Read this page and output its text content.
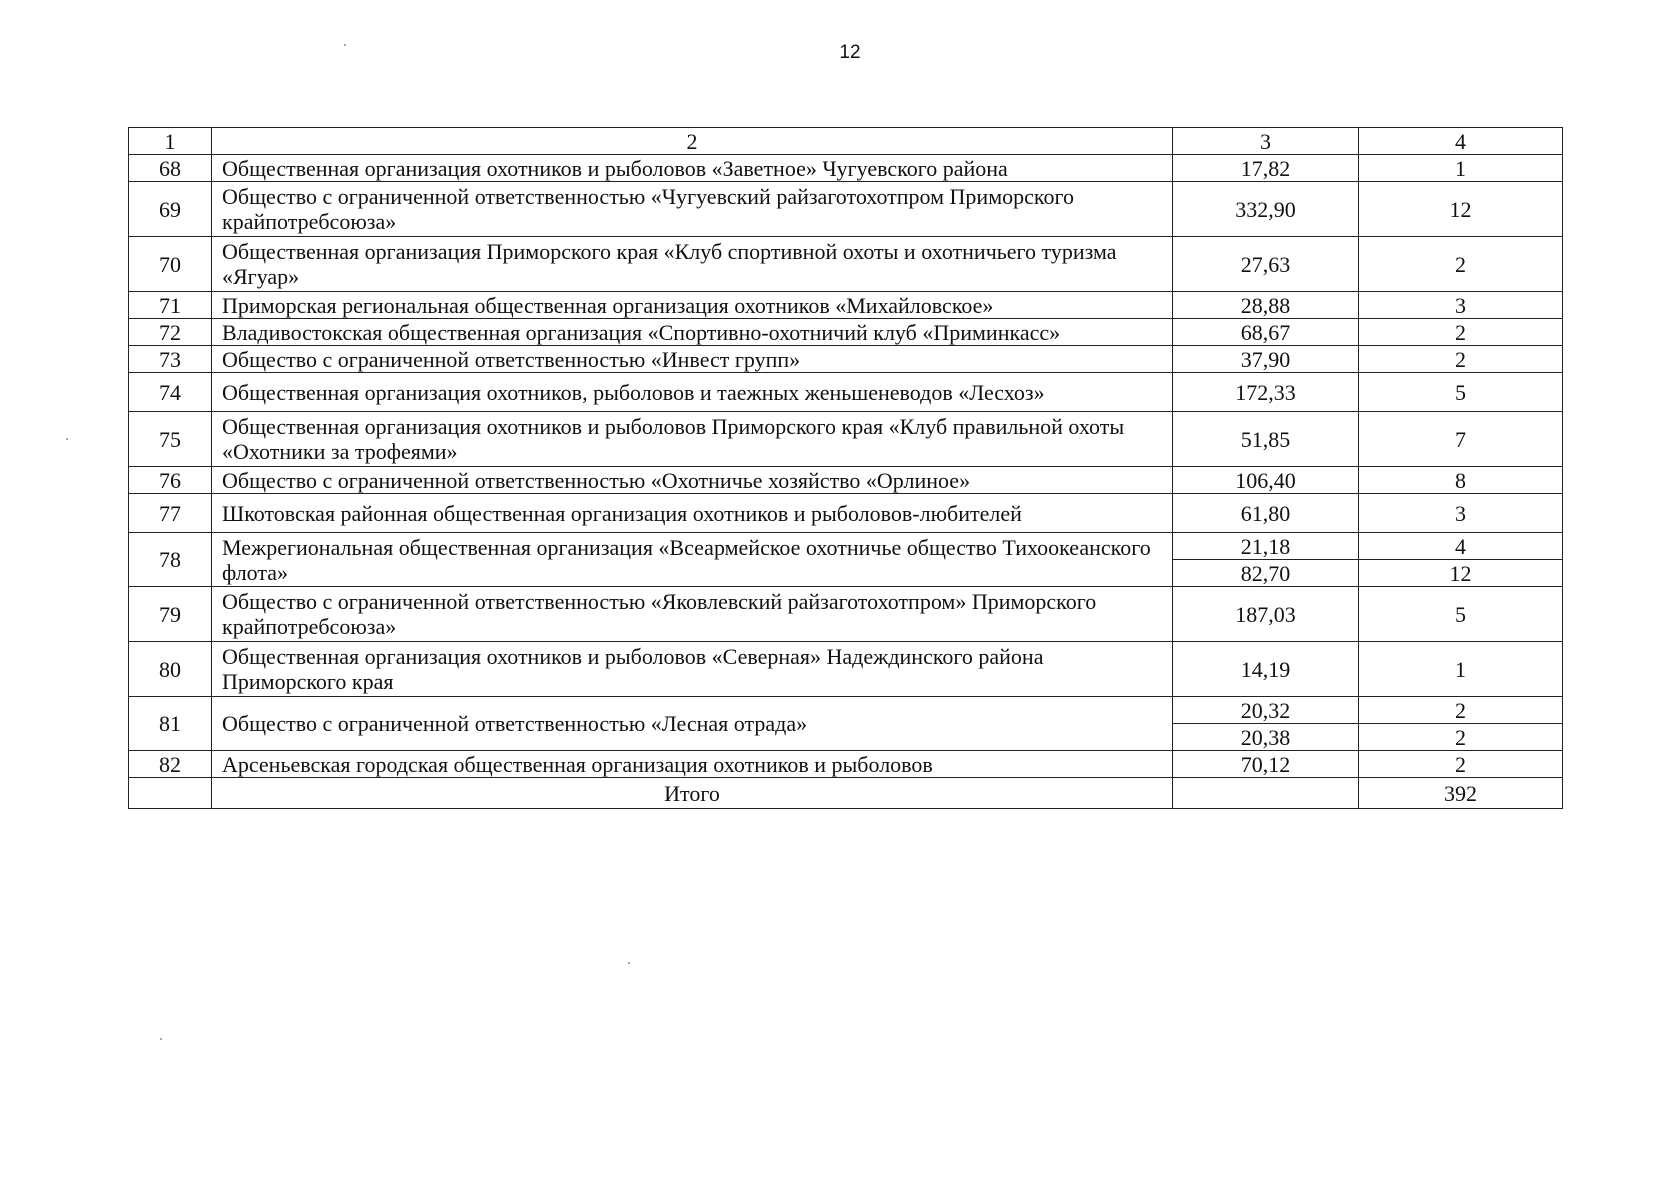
12
1	2	3	4
68	Общественная организация охотников и рыболовов «Заветное» Чугуевского района	17,82	1
69	Общество с ограниченной ответственностью «Чугуевский райзаготохотпром Приморского крайпотребсоюза»	332,90	12
70	Общественная организация Приморского края «Клуб спортивной охоты и охотничьего туризма «Ягуар»	27,63	2
71	Приморская региональная общественная организация охотников «Михайловское»	28,88	3
72	Владивостокская общественная организация «Спортивно-охотничий клуб «Приминкасс»	68,67	2
73	Общество с ограниченной ответственностью «Инвест групп»	37,90	2
74	Общественная организация охотников, рыболовов и таежных женьшеневодов «Лесхоз»	172,33	5
75	Общественная организация охотников и рыболовов Приморского края «Клуб правильной охоты «Охотники за трофеями»	51,85	7
76	Общество с ограниченной ответственностью «Охотничье хозяйство «Орлиное»	106,40	8
77	Шкотовская районная общественная организация охотников и рыболовов-любителей	61,80	3
78	Межрегиональная общественная организация «Всеармейское охотничье общество Тихоокеанского флота»	21,18	4
		82,70	12
79	Общество с ограниченной ответственностью «Яковлевский райзаготохотпром» Приморского крайпотребсоюза»	187,03	5
80	Общественная организация охотников и рыболовов «Северная» Надеждинского района Приморского края	14,19	1
81	Общество с ограниченной ответственностью «Лесная отрада»	20,32	2
		20,38	2
82	Арсеньевская городская общественная организация охотников и рыболовов	70,12	2
	Итого		392
